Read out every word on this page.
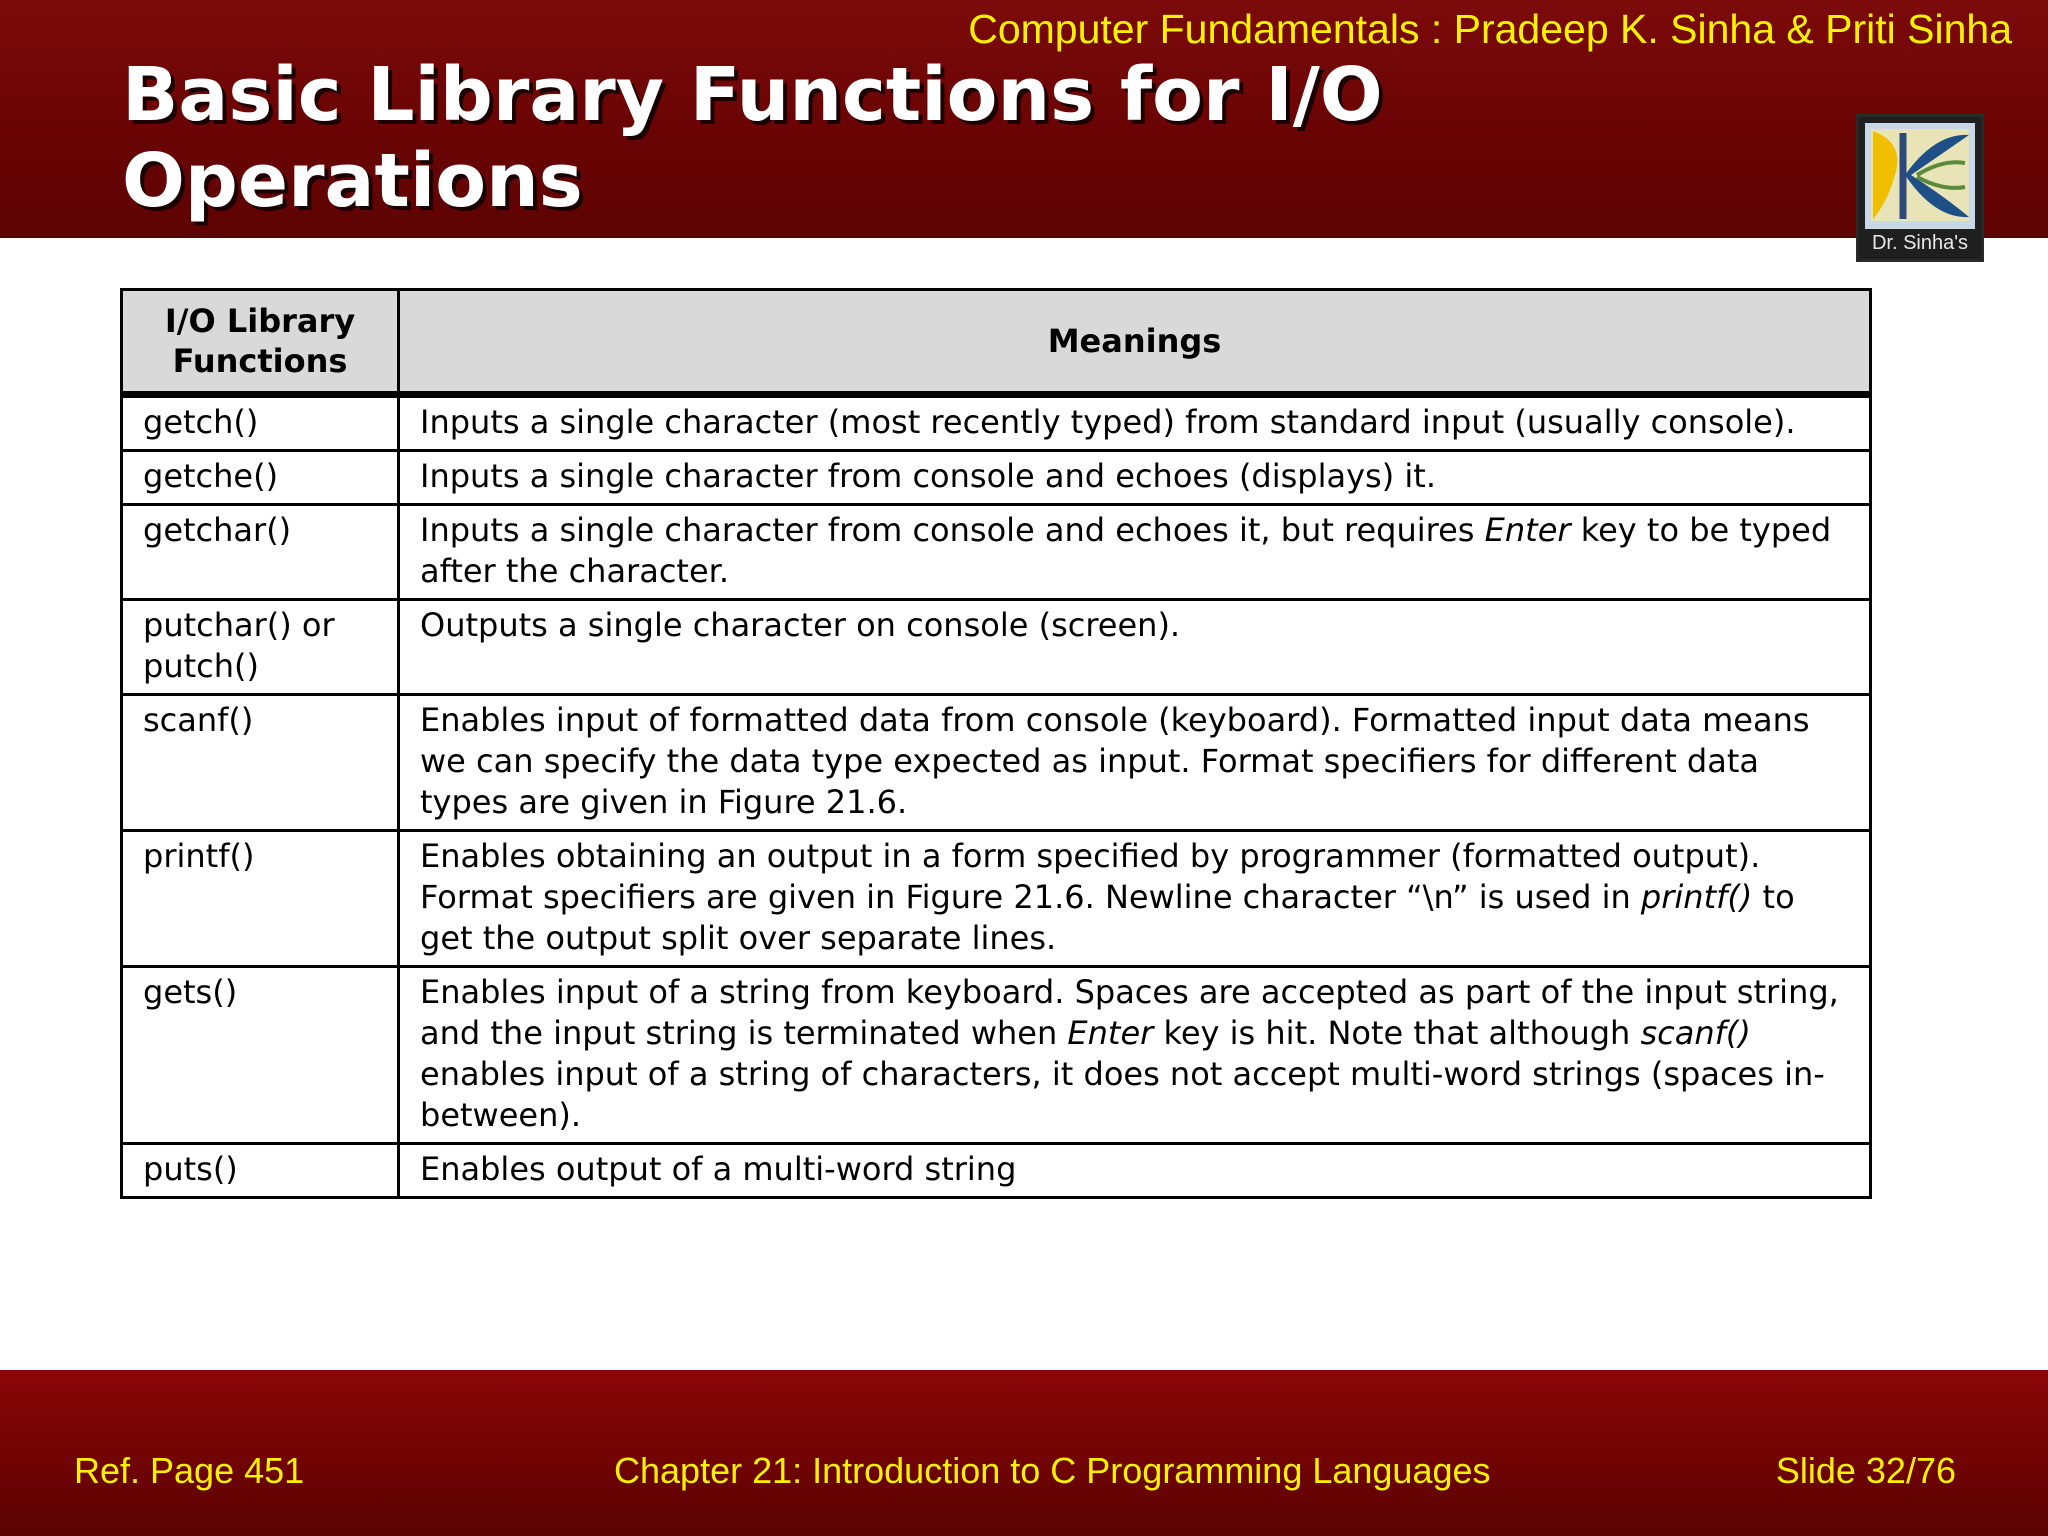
Computer Fundamentals : Pradeep K. Sinha & Priti Sinha
Basic Library Functions for I/O
Operations
Dr. Sinha's
I/O Library Functions	Meanings
getch()	Inputs a single character (most recently typed) from standard input (usually console).
getche()	Inputs a single character from console and echoes (displays) it.
getchar()	Inputs a single character from console and echoes it, but requires Enter key to be typed after the character.
putchar() or
putch()	Outputs a single character on console (screen).
scanf()	Enables input of formatted data from console (keyboard). Formatted input data means we can specify the data type expected as input. Format specifiers for different data types are given in Figure 21.6.
printf()	Enables obtaining an output in a form specified by programmer (formatted output). Format specifiers are given in Figure 21.6. Newline character “\n” is used in printf() to get the output split over separate lines.
gets()	Enables input of a string from keyboard. Spaces are accepted as part of the input string, and the input string is terminated when Enter key is hit. Note that although scanf() enables input of a string of characters, it does not accept multi-word strings (spaces in-between).
puts()	Enables output of a multi-word string
Ref. Page 451	Chapter 21: Introduction to C Programming Languages	Slide 32/76
